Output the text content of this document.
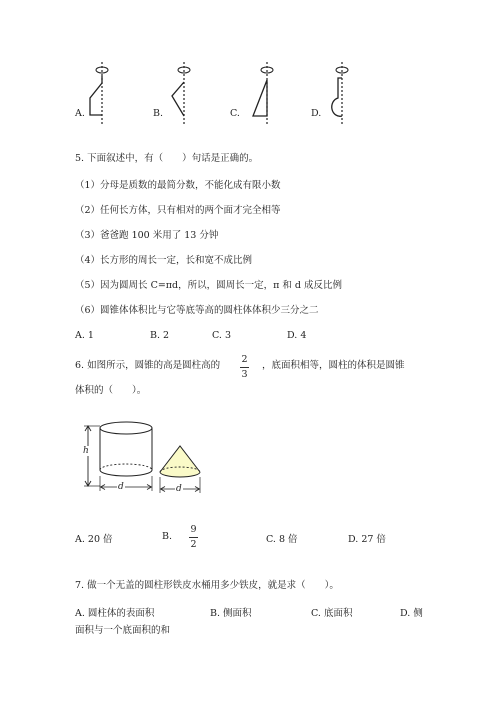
A.	B.	C.	D.
5. 下面叙述中，有（　　）句话是正确的。
（1）分母是质数的最简分数，不能化成有限小数
（2）任何长方体，只有相对的两个面才完全相等
（3）爸爸跑 100 米用了 13 分钟
（4）长方形的周长一定，长和宽不成比例
（5）因为圆周长 C=πd，所以，圆周长一定，π 和 d 成反比例
（6）圆锥体体积比与它等底等高的圆柱体体积少三分之二
A. 1	B. 2	C. 3	D. 4
6. 如图所示，圆锥的高是圆柱高的
2
3
，底面积相等，圆柱的体积是圆锥
体积的（　　）。
h
d	d
A. 20 倍	B.
9
2	C. 8 倍	D. 27 倍
7. 做一个无盖的圆柱形铁皮水桶用多少铁皮，就是求（　　）。
A. 圆柱体的表面积	B. 侧面积	C. 底面积	D. 侧
面积与一个底面积的和
